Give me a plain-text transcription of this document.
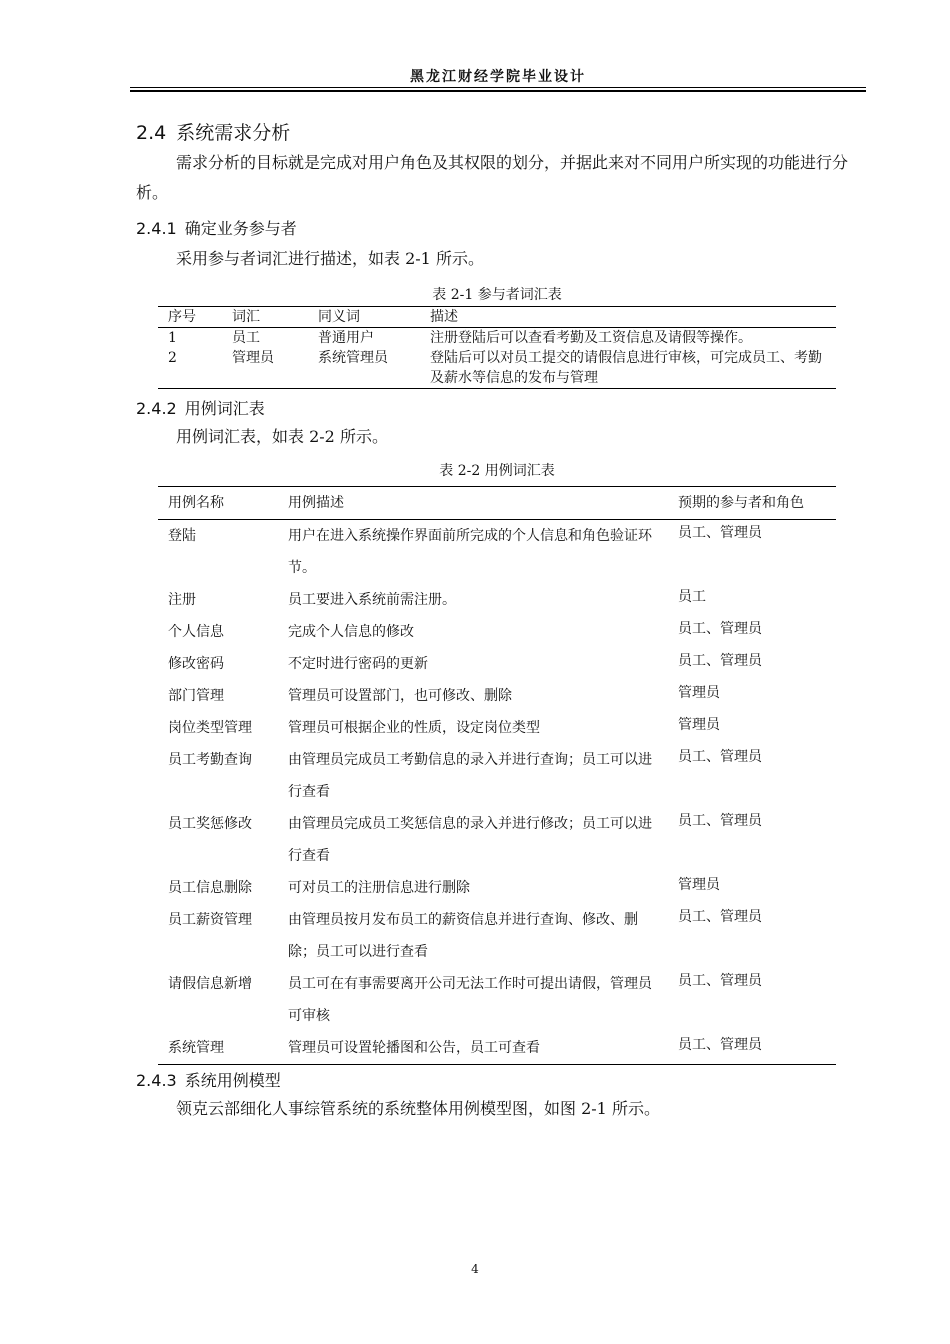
黑龙江财经学院毕业设计
2.4 系统需求分析
需求分析的目标就是完成对用户角色及其权限的划分，并据此来对不同用户所实现的功能进行分析。
2.4.1 确定业务参与者
采用参与者词汇进行描述，如表 2-1 所示。
表 2-1 参与者词汇表
序号	词汇	同义词	描述
1	员工	普通用户	注册登陆后可以查看考勤及工资信息及请假等操作。
2	管理员	系统管理员	登陆后可以对员工提交的请假信息进行审核，可完成员工、考勤及薪水等信息的发布与管理
2.4.2 用例词汇表
用例词汇表，如表 2-2 所示。
表 2-2 用例词汇表
用例名称	用例描述	预期的参与者和角色
登陆	用户在进入系统操作界面前所完成的个人信息和角色验证环节。	员工、管理员
注册	员工要进入系统前需注册。	员工
个人信息	完成个人信息的修改	员工、管理员
修改密码	不定时进行密码的更新	员工、管理员
部门管理	管理员可设置部门，也可修改、删除	管理员
岗位类型管理	管理员可根据企业的性质，设定岗位类型	管理员
员工考勤查询	由管理员完成员工考勤信息的录入并进行查询；员工可以进行查看	员工、管理员
员工奖惩修改	由管理员完成员工奖惩信息的录入并进行修改；员工可以进行查看	员工、管理员
员工信息删除	可对员工的注册信息进行删除	管理员
员工薪资管理	由管理员按月发布员工的薪资信息并进行查询、修改、删除；员工可以进行查看	员工、管理员
请假信息新增	员工可在有事需要离开公司无法工作时可提出请假，管理员可审核	员工、管理员
系统管理	管理员可设置轮播图和公告，员工可查看	员工、管理员
2.4.3 系统用例模型
领克云部细化人事综管系统的系统整体用例模型图，如图 2-1 所示。
4
